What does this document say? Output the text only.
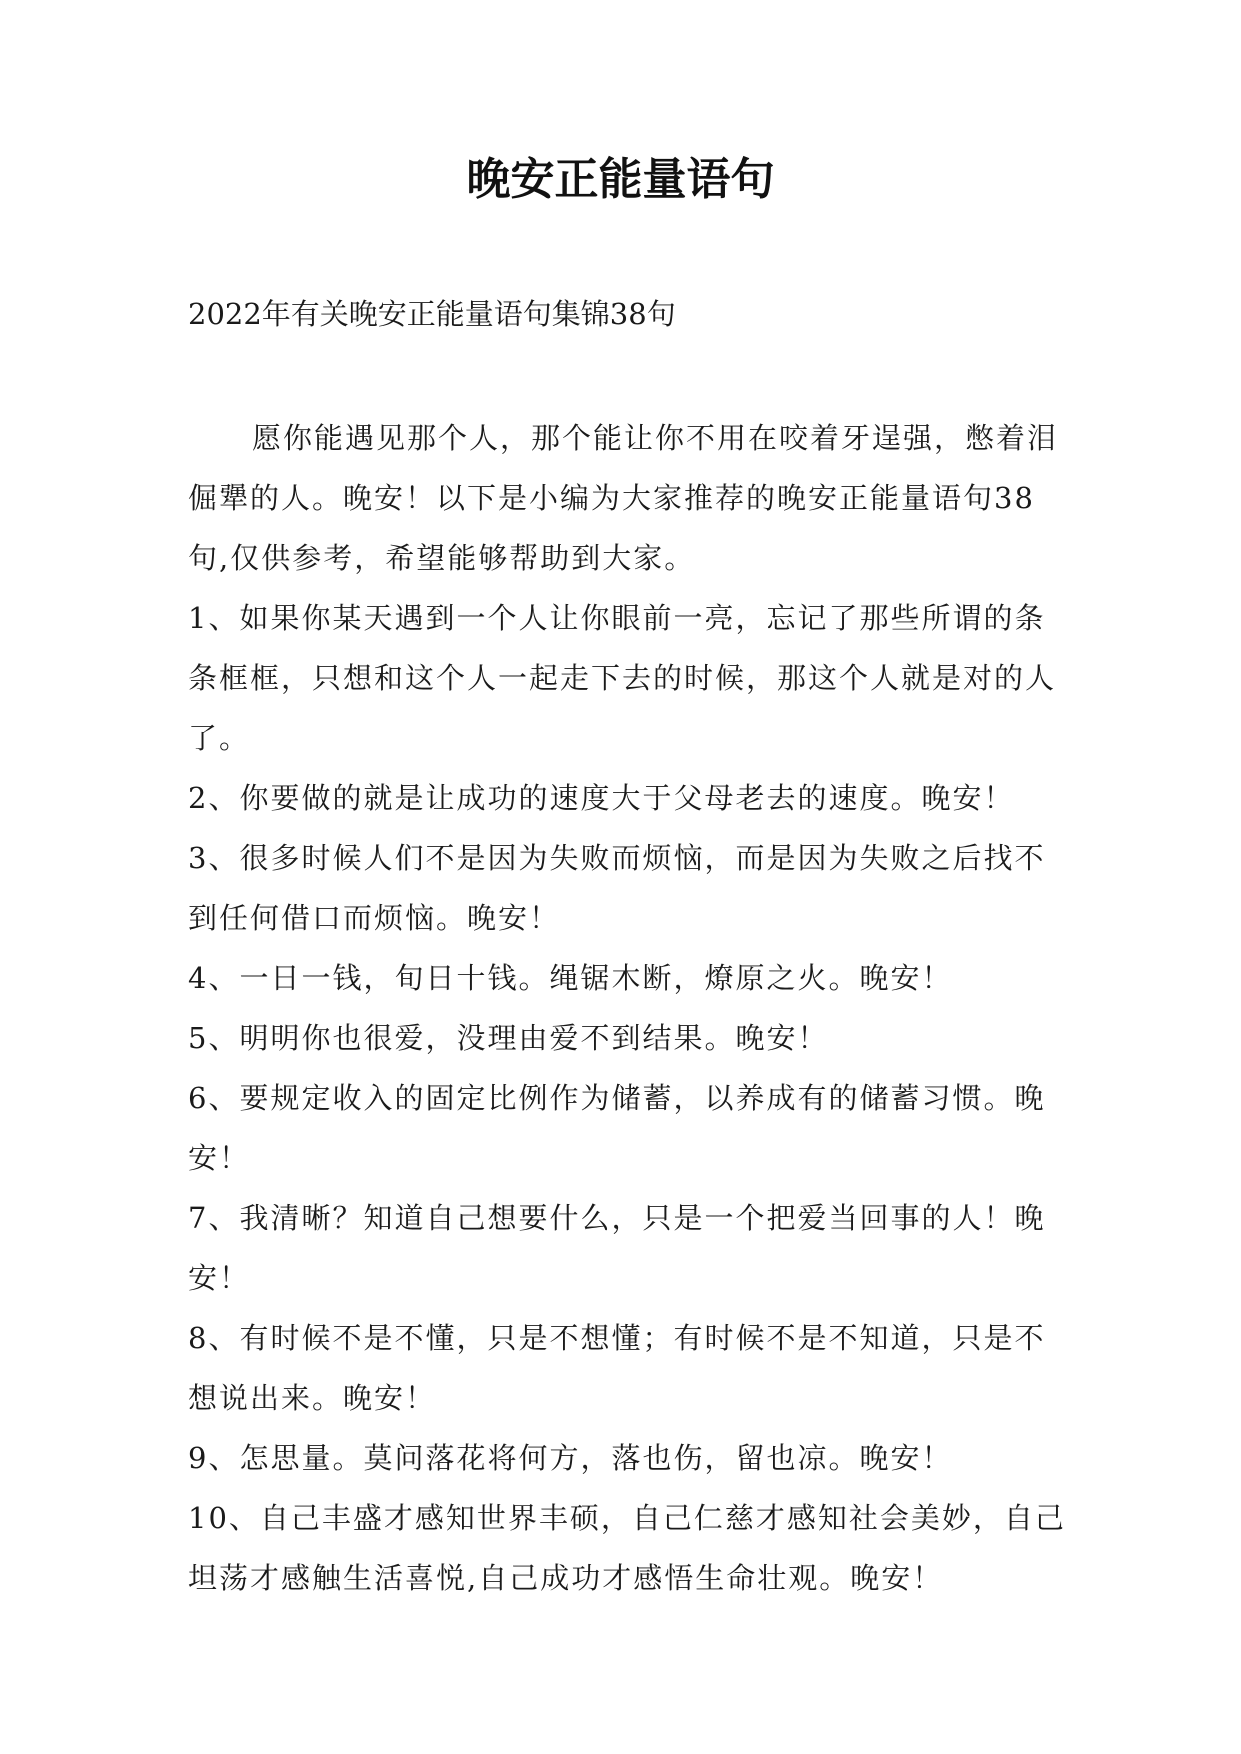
晚安正能量语句

2022年有关晚安正能量语句集锦38句

愿你能遇见那个人，那个能让你不用在咬着牙逞强，憋着泪倔犟的人。晚安！以下是小编为大家推荐的晚安正能量语句38句,仅供参考，希望能够帮助到大家。

1、如果你某天遇到一个人让你眼前一亮，忘记了那些所谓的条条框框，只想和这个人一起走下去的时候，那这个人就是对的人了。

2、你要做的就是让成功的速度大于父母老去的速度。晚安！

3、很多时候人们不是因为失败而烦恼，而是因为失败之后找不到任何借口而烦恼。晚安！

4、一日一钱，旬日十钱。绳锯木断，燎原之火。晚安！

5、明明你也很爱，没理由爱不到结果。晚安！

6、要规定收入的固定比例作为储蓄，以养成有的储蓄习惯。晚安！

7、我清晰？知道自己想要什么，只是一个把爱当回事的人！晚安！

8、有时候不是不懂，只是不想懂；有时候不是不知道，只是不想说出来。晚安！

9、怎思量。莫问落花将何方，落也伤，留也凉。晚安！

10、自己丰盛才感知世界丰硕，自己仁慈才感知社会美妙，自己坦荡才感触生活喜悦,自己成功才感悟生命壮观。晚安！
